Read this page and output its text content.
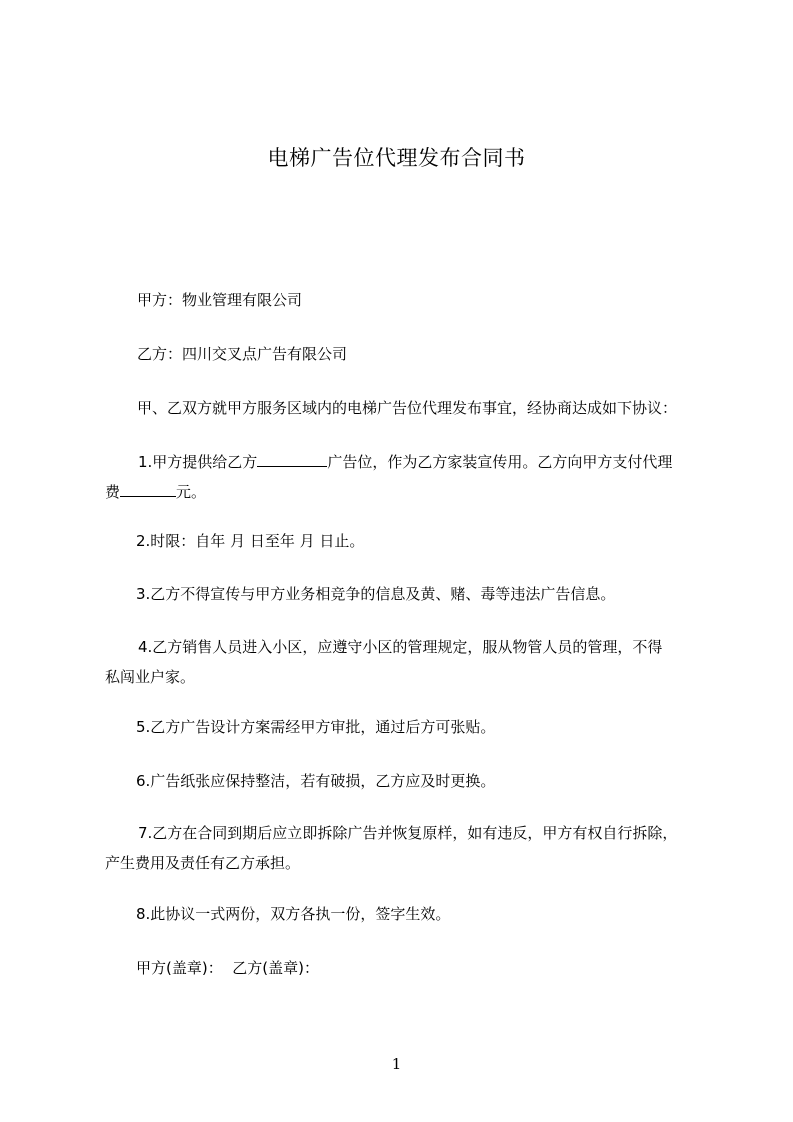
电梯广告位代理发布合同书

甲方：物业管理有限公司

乙方：四川交叉点广告有限公司

甲、乙双方就甲方服务区域内的电梯广告位代理发布事宜，经协商达成如下协议：

1.甲方提供给乙方	广告位，作为乙方家装宣传用。乙方向甲方支付代理
费	元。

2.时限：自年 月 日至年 月 日止。

3.乙方不得宣传与甲方业务相竞争的信息及黄、赌、毒等违法广告信息。

4.乙方销售人员进入小区，应遵守小区的管理规定，服从物管人员的管理，不得
私闯业户家。

5.乙方广告设计方案需经甲方审批，通过后方可张贴。

6.广告纸张应保持整洁，若有破损，乙方应及时更换。

7.乙方在合同到期后应立即拆除广告并恢复原样，如有违反，甲方有权自行拆除，
产生费用及责任有乙方承担。

8.此协议一式两份，双方各执一份，签字生效。

甲方(盖章)：  乙方(盖章)：

1
